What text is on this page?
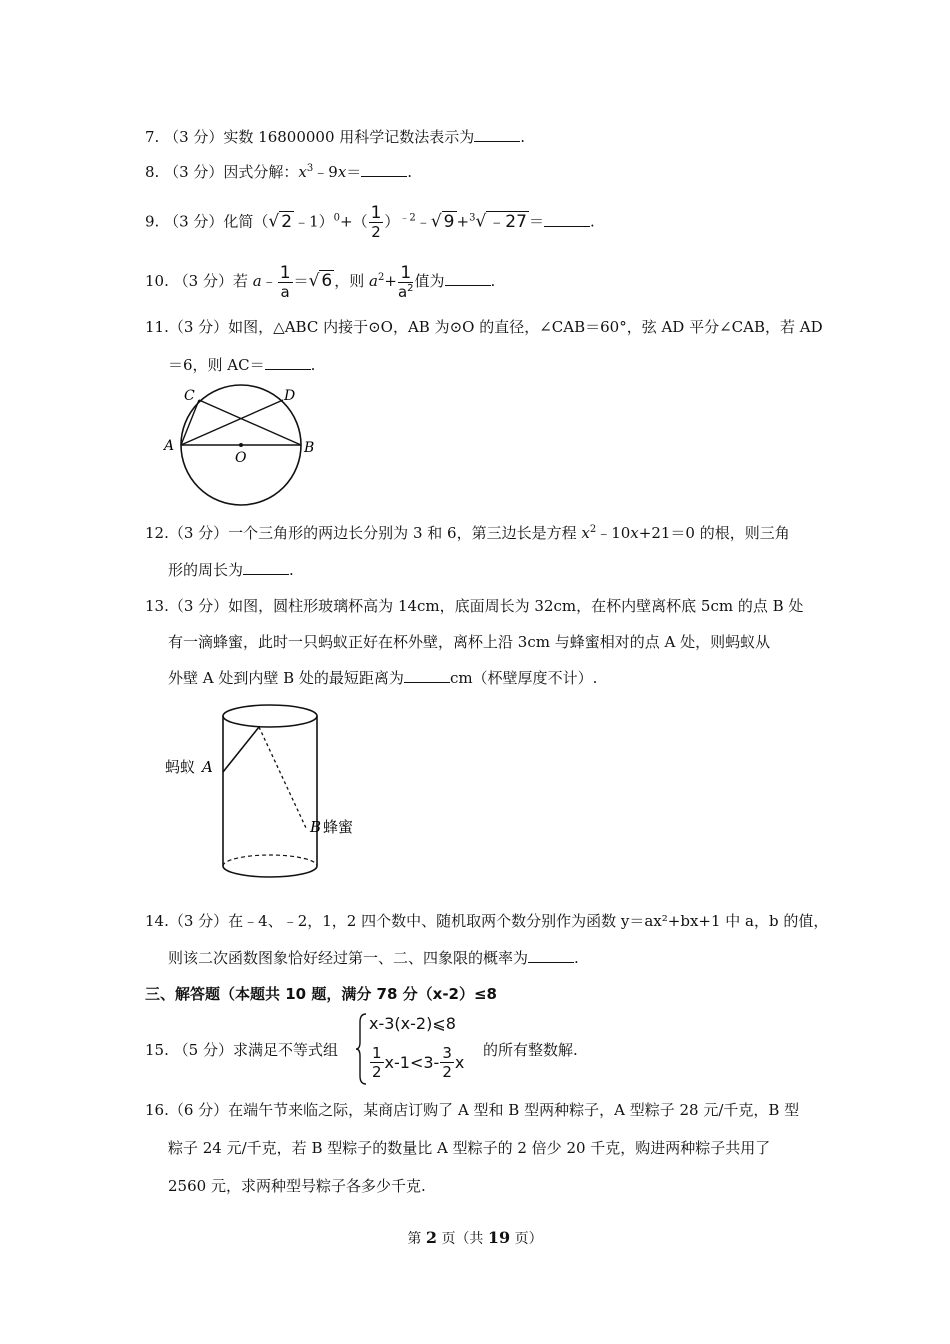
7. （3 分）实数 16800000 用科学记数法表示为	.
8. （3 分）因式分解：$x^3﹣9x=$	.
9. （3 分）化简（√ 2 ﹣1）$^0$+（ $\frac{1}{2}$ ）$^{﹣2}$﹣√ 9 +$^3$√ ﹣27 ＝	.
10. （3 分）若 a﹣ $\frac{1}{a}$ ＝√ 6 ，则 $a^2+ \frac{1}{a^2}$ 值为	.
11.（3 分）如图，△ABC 内接于⊙O，AB 为⊙O 的直径，∠CAB＝60°，弦 AD 平分∠CAB，若 AD
＝6，则 AC＝	.
C	D
A
O
B
12.（3 分）一个三角形的两边长分别为 3 和 6，第三边长是方程 $x^2﹣10x+21=0$ 的根，则三角
形的周长为	.
13.（3 分）如图，圆柱形玻璃杯高为 14cm，底面周长为 32cm，在杯内壁离杯底 5cm 的点 B 处
有一滴蜂蜜，此时一只蚂蚁正好在杯外壁，离杯上沿 3cm 与蜂蜜相对的点 A 处，则蚂蚁从
外壁 A 处到内壁 B 处的最短距离为	cm（杯壁厚度不计）.
蚂蚁 A
B 蜂蜜
14.（3 分）在﹣4、﹣2，1，2 四个数中、随机取两个数分别作为函数 y＝ax²+bx+1 中 a，b 的值，
则该二次函数图象恰好经过第一、二、四象限的概率为	.
三、解答题（本题共 10 题，满分 78 分（x-2）≤8
15. （5 分）求满足不等式组
x-3(x-2)⩽8
$\frac{1}{2} x-1<3- \frac{3}{2}$ x
的所有整数解.
16.（6 分）在端午节来临之际，某商店订购了 A 型和 B 型两种粽子，A 型粽子 28 元/千克，B 型
粽子 24 元/千克，若 B 型粽子的数量比 A 型粽子的 2 倍少 20 千克，购进两种粽子共用了
2560 元，求两种型号粽子各多少千克.
第 2 页（共 19 页）
